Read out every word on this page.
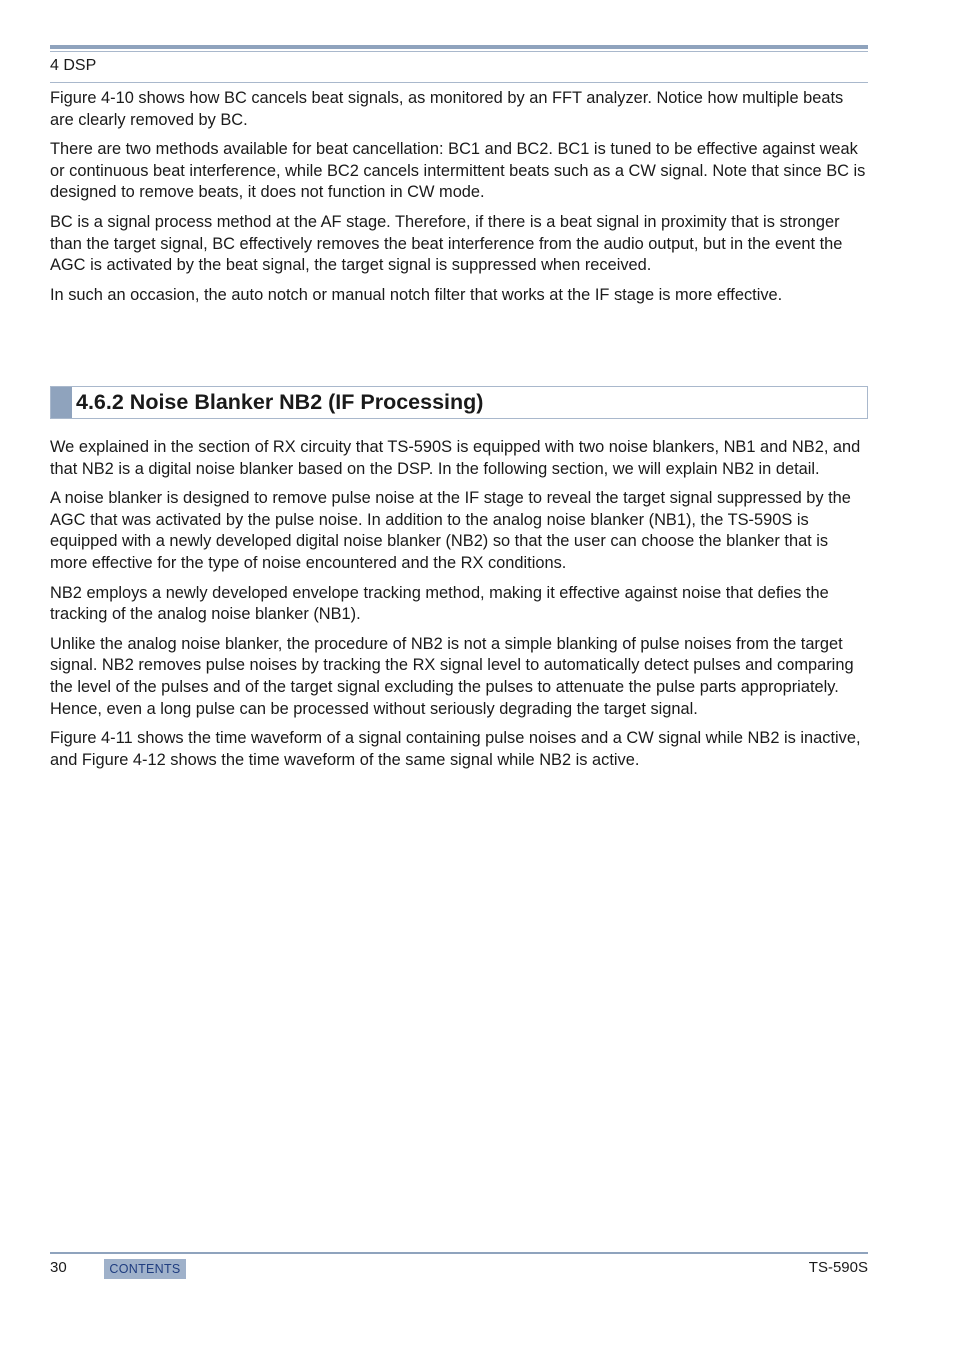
4 DSP

Figure 4-10 shows how BC cancels beat signals, as monitored by an FFT analyzer. Notice how multiple beats are clearly removed by BC.

There are two methods available for beat cancellation: BC1 and BC2. BC1 is tuned to be effective against weak or continuous beat interference, while BC2 cancels intermittent beats such as a CW signal. Note that since BC is designed to remove beats, it does not function in CW mode.

BC is a signal process method at the AF stage. Therefore, if there is a beat signal in proximity that is stronger than the target signal, BC effectively removes the beat interference from the audio output, but in the event the AGC is activated by the beat signal, the target signal is suppressed when received.

In such an occasion, the auto notch or manual notch filter that works at the IF stage is more effective.

4.6.2 Noise Blanker NB2 (IF Processing)

We explained in the section of RX circuity that TS-590S is equipped with two noise blankers, NB1 and NB2, and that NB2 is a digital noise blanker based on the DSP. In the following section, we will explain NB2 in detail.

A noise blanker is designed to remove pulse noise at the IF stage to reveal the target signal suppressed by the AGC that was activated by the pulse noise. In addition to the analog noise blanker (NB1), the TS-590S is equipped with a newly developed digital noise blanker (NB2) so that the user can choose the blanker that is more effective for the type of noise encountered and the RX conditions.

NB2 employs a newly developed envelope tracking method, making it effective against noise that defies the tracking of the analog noise blanker (NB1).

Unlike the analog noise blanker, the procedure of NB2 is not a simple blanking of pulse noises from the target signal. NB2 removes pulse noises by tracking the RX signal level to automatically detect pulses and comparing the level of the pulses and of the target signal excluding the pulses to attenuate the pulse parts appropriately. Hence, even a long pulse can be processed without seriously degrading the target signal.

Figure 4-11 shows the time waveform of a signal containing pulse noises and a CW signal while NB2 is inactive, and Figure 4-12 shows the time waveform of the same signal while NB2 is active.

30	CONTENTS	TS-590S
